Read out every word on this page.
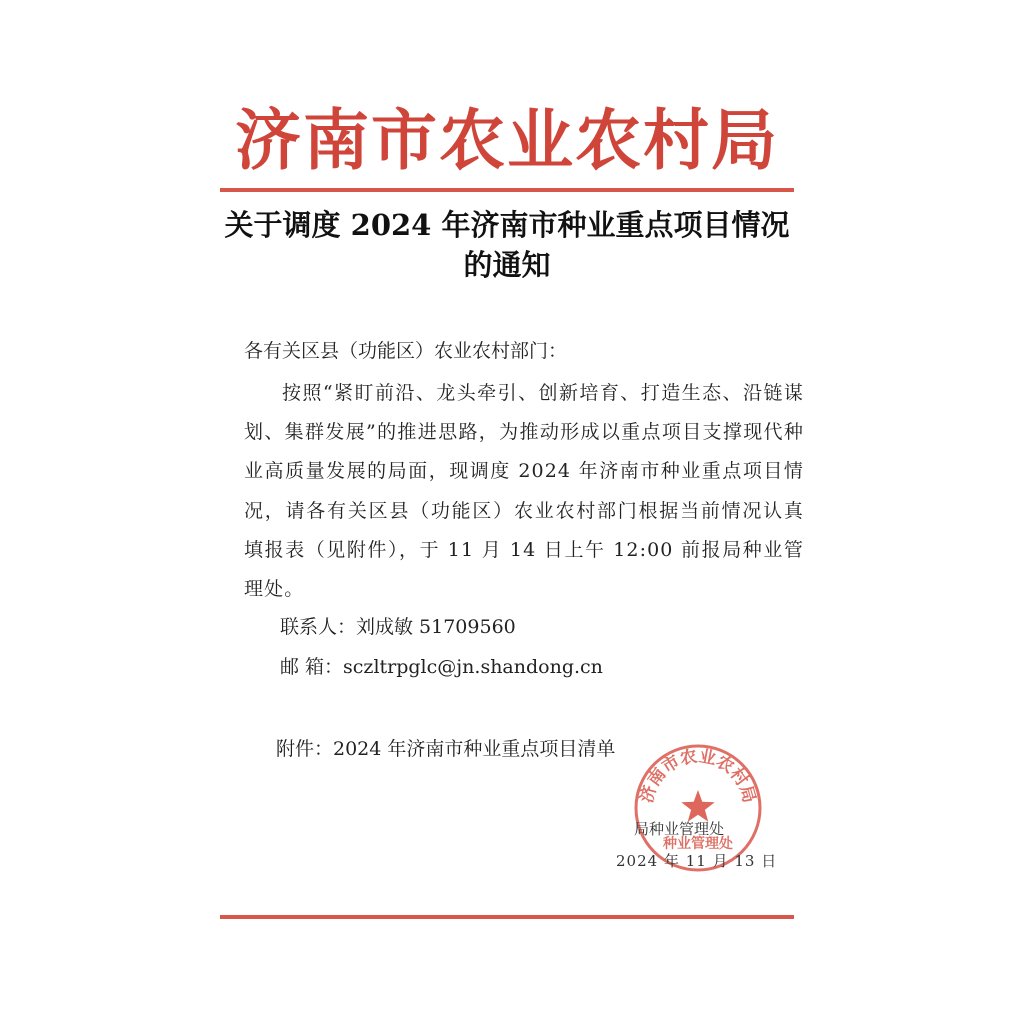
济南市农业农村局
关于调度 2024 年济南市种业重点项目情况
的通知
各有关区县（功能区）农业农村部门：
按照“紧盯前沿、龙头牵引、创新培育、打造生态、沿链谋划、集群发展”的推进思路，为推动形成以重点项目支撑现代种业高质量发展的局面，现调度 2024 年济南市种业重点项目情况，请各有关区县（功能区）农业农村部门根据当前情况认真填报表（见附件），于 11 月 14 日上午 12:00 前报局种业管理处。
联系人：刘成敏 51709560
邮 箱：sczltrpglc@jn.shandong.cn
附件：2024 年济南市种业重点项目清单
济南市农业农村局
种业管理处
局种业管理处
2024 年 11 月 13 日
